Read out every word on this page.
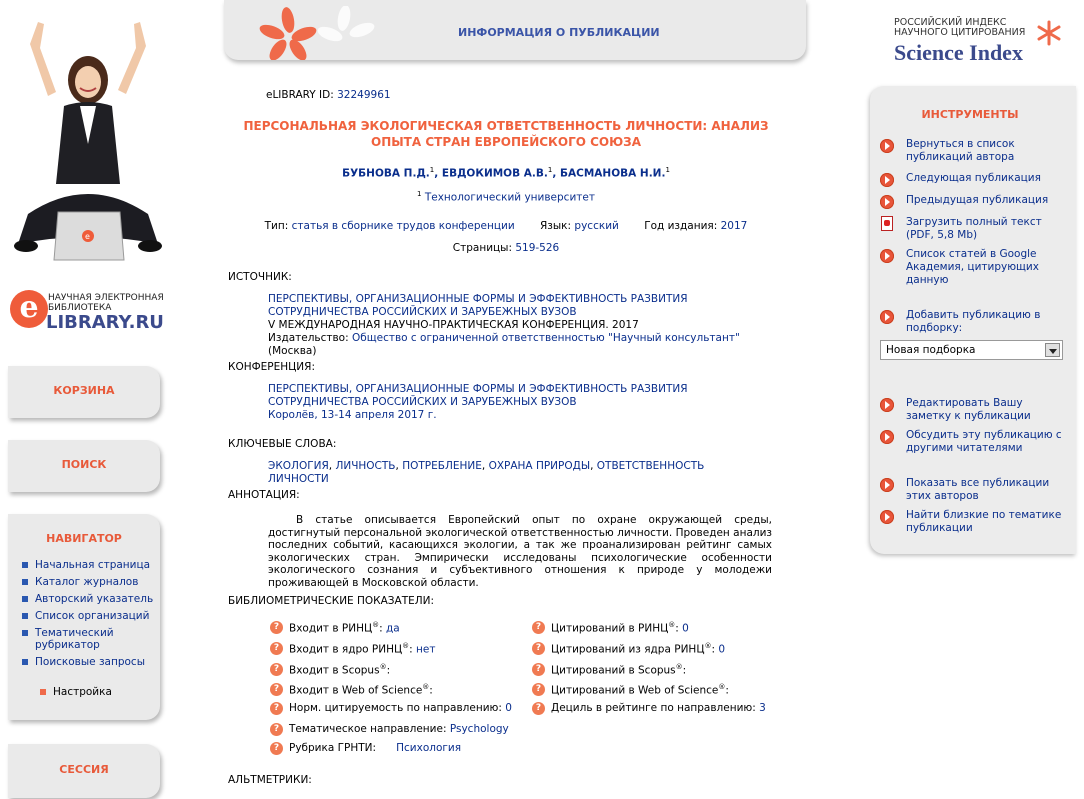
e
e	НАУЧНАЯ ЭЛЕКТРОННАЯ
БИБЛИОТЕКА
LIBRARY.RU
КОРЗИНА
ПОИСК
НАВИГАТОР
Начальная страница
Каталог журналов
Авторский указатель
Список организаций
Тематический рубрикатор
Поисковые запросы
Настройка
СЕССИЯ
ИНФОРМАЦИЯ О ПУБЛИКАЦИИ
РОССИЙСКИЙ ИНДЕКС
НАУЧНОГО ЦИТИРОВАНИЯ
Science Index
eLIBRARY ID: 32249961
ПЕРСОНАЛЬНАЯ ЭКОЛОГИЧЕСКАЯ ОТВЕТСТВЕННОСТЬ ЛИЧНОСТИ: АНАЛИЗ ОПЫТА СТРАН ЕВРОПЕЙСКОГО СОЮЗА
БУБНОВА П.Д.$^1$, ЕВДОКИМОВ А.В.$^1$, БАСМАНОВА Н.И.$^1$
$^1$ Технологический университет
Тип: статья в сборнике трудов конференции Язык: русский Год издания: 2017
Страницы: 519-526
ИСТОЧНИК:
ПЕРСПЕКТИВЫ, ОРГАНИЗАЦИОННЫЕ ФОРМЫ И ЭФФЕКТИВНОСТЬ РАЗВИТИЯ СОТРУДНИЧЕСТВА РОССИЙСКИХ И ЗАРУБЕЖНЫХ ВУЗОВ
V МЕЖДУНАРОДНАЯ НАУЧНО-ПРАКТИЧЕСКАЯ КОНФЕРЕНЦИЯ. 2017
Издательство: Общество с ограниченной ответственностью "Научный консультант" (Москва)
КОНФЕРЕНЦИЯ:
ПЕРСПЕКТИВЫ, ОРГАНИЗАЦИОННЫЕ ФОРМЫ И ЭФФЕКТИВНОСТЬ РАЗВИТИЯ СОТРУДНИЧЕСТВА РОССИЙСКИХ И ЗАРУБЕЖНЫХ ВУЗОВ
Королёв, 13-14 апреля 2017 г.
КЛЮЧЕВЫЕ СЛОВА:
ЭКОЛОГИЯ, ЛИЧНОСТЬ, ПОТРЕБЛЕНИЕ, ОХРАНА ПРИРОДЫ, ОТВЕТСТВЕННОСТЬ ЛИЧНОСТИ
АННОТАЦИЯ:
В статье описывается Европейский опыт по охране окружающей среды, достигнутый персональной экологической ответственностью личности. Проведен анализ последних событий, касающихся экологии, а так же проанализирован рейтинг самых экологических стран. Эмпирически исследованы психологические особенности экологического сознания и субъективного отношения к природе у молодежи проживающей в Московской области.
БИБЛИОМЕТРИЧЕСКИЕ ПОКАЗАТЕЛИ:
? Входит в РИНЦ®: да
? Входит в ядро РИНЦ®: нет
? Входит в Scopus®:
? Входит в Web of Science®:
? Норм. цитируемость по направлению: 0
? Тематическое направление: Psychology
? Рубрика ГРНТИ:      Психология
? Цитирований в РИНЦ®: 0
? Цитирований из ядра РИНЦ®: 0
? Цитирований в Scopus®:
? Цитирований в Web of Science®:
? Дециль в рейтинге по направлению: 3
АЛЬТМЕТРИКИ:
ИНСТРУМЕНТЫ
Вернуться в список публикаций автора
Следующая публикация
Предыдущая публикация
Загрузить полный текст (PDF, 5,8 Mb)
Список статей в Google Академия, цитирующих данную
Добавить публикацию в подборку:
Новая подборка
Редактировать Вашу заметку к публикации
Обсудить эту публикацию с другими читателями
Показать все публикации этих авторов
Найти близкие по тематике публикации
